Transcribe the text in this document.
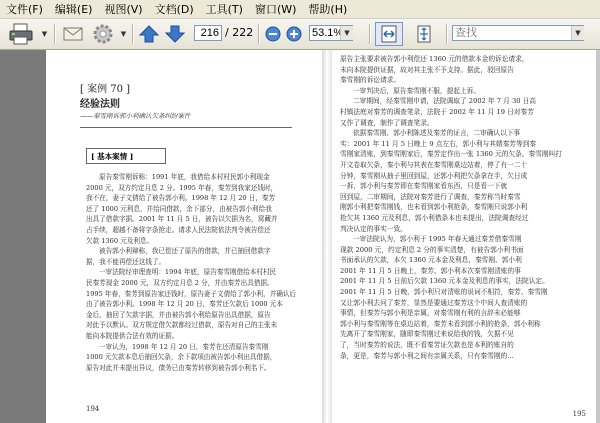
文件(F)	编辑(E)	视图(V)	文档(D)	工具(T)	窗口(W)	帮助(H)
▼	▼
216	/ 222
53.1%	▼
查找	▼
[ 案例 70 ]
经验法则
——秦雪刚诉郭小利确认欠条纠纷案件
[ 基本案情 ]

原告秦雪刚诉称：1991 年底，我借给本村村民郭小利现金

2000 元，双方约定月息 2 分。1995 年春，秦芳到我家还钱时，

我不在，妻子文倩给了被告郭小利。1998 年 12 月 20 日，秦芳

还了 1000 元利息，并给同借款，余下部分，由被告郭小利给我

出具了借款字据。2001 年 11 月 5 日，被告以欠据为名，窝藏并

占手续，超越不备将字条抢走。请求人民法院依法判令被告偿还

欠款 1360 元及利息。

被告郭小利辩称，我已偿还了原告的借款，并已抽回借款字

据，我不能再偿还这钱了。

一审法院经审理查明：1994 年底，原告秦雪刚借给本村村民

民秦芳现金 2000 元，双方约定月息 2 分，并由秦芳出具借据。

1995 年春，秦芳到原告家还钱时，原告妻子文倩给了郭小利，并确认后

由了被告郭小利。1998 年 12 月 20 日，秦芳还欠款后 1000 元本

金后，抽回了欠款字据，并由被告郭小利给原告出具借据，原告

对此予以默认。双方规定借欠款都经过借款，原告对自己的主张未

能向本院提供合法有效的证据。

一审认为，1998 年 12 月 20 日，秦芳在还清原告秦雪刚

1000 元欠款本息后抽回欠条，余下款项由被告郭小利出具借据，

原告对此并未提出异议，债务已由秦芳转移到被告郭小利名下。

194

原告主张要求被告郭小利偿还 1360 元的借款本金的诉讼请求，

未向本院提供证据，故对其主张不予支持。据此，驳回原告

秦雪刚的诉讼请求。

一审判决后，原告秦雪刚不服，提起上诉。

二审期间，经秦雪刚申请，法院调取了 2002 年 7 月 30 日高

村镇法庭对秦芳的调查笔录，法院于 2002 年 11 月 19 日对秦芳

又作了调查，制作了调查笔录。

依据秦雪刚、郭小利陈述及秦芳的证言，二审确认以下事

实：2001 年 11 月 5 日晚上 9 点左右，郭小利与其婿秦芳等到秦

雪刚家清账，到秦雪刚家后，秦芳定作出一张 1360 元的欠条。秦雪刚叫打

开文卷取欠条，秦小利与其表在秦雪刚桌边站着，停了有一二十

分钟，秦雪刚从抽子里回到屋，还郭小利把欠条拿在手，欠日成

一拆，郭小利与秦芳即在秦雪刚家看东西，只是看一下就

回到屋，二审期间，法院对秦芳进行了调查，秦芳称当时秦雪

刚郭小利把秦雪刚钱，也未看到郭小利抢条，秦雪刚只说郭小利

抢欠其 1360 元及利息，郭小利借条本也未提出，法院调查经过

判决认定的事实一致。

一审法院认为，郭小利于 1995 年春天通过秦芳借秦雪刚

现款 2000 元，约定利息 2 分的事实清楚，有被告郭小利书面

书面承认的欠款，本欠 1360 元本金及利息，秦雪刚、郭小利

2001 年 11 月 5 日晚上，秦芳、郭小利本次秦雪刚清账的事

2001 年 11 月 5 日前后欠款 1360 元本金及利息的事实，法院认定。

2001 年 11 月 5 日晚，郭小利只对清账的说词不相符，秦芳、秦雪刚

又让郭小利去问了秦芳，显然是要通过秦芳这个中间人查清账的

事情，但秦芳与郭小利是亲属，对秦雪刚有利的言辞未必能够

郭小利与秦雪刚等在桌边站着，秦芳未看到郭小利的抢条，郭小利称

先离开了秦雪刚家，随即秦雪刚过来说给我的钱，欠据不见

了，当时秦芳的说法，既不看秦芳证欠款也是本利的账自的

条，更是，秦芳与郭小利之间有亲属关系，只有秦雪刚的…

195
